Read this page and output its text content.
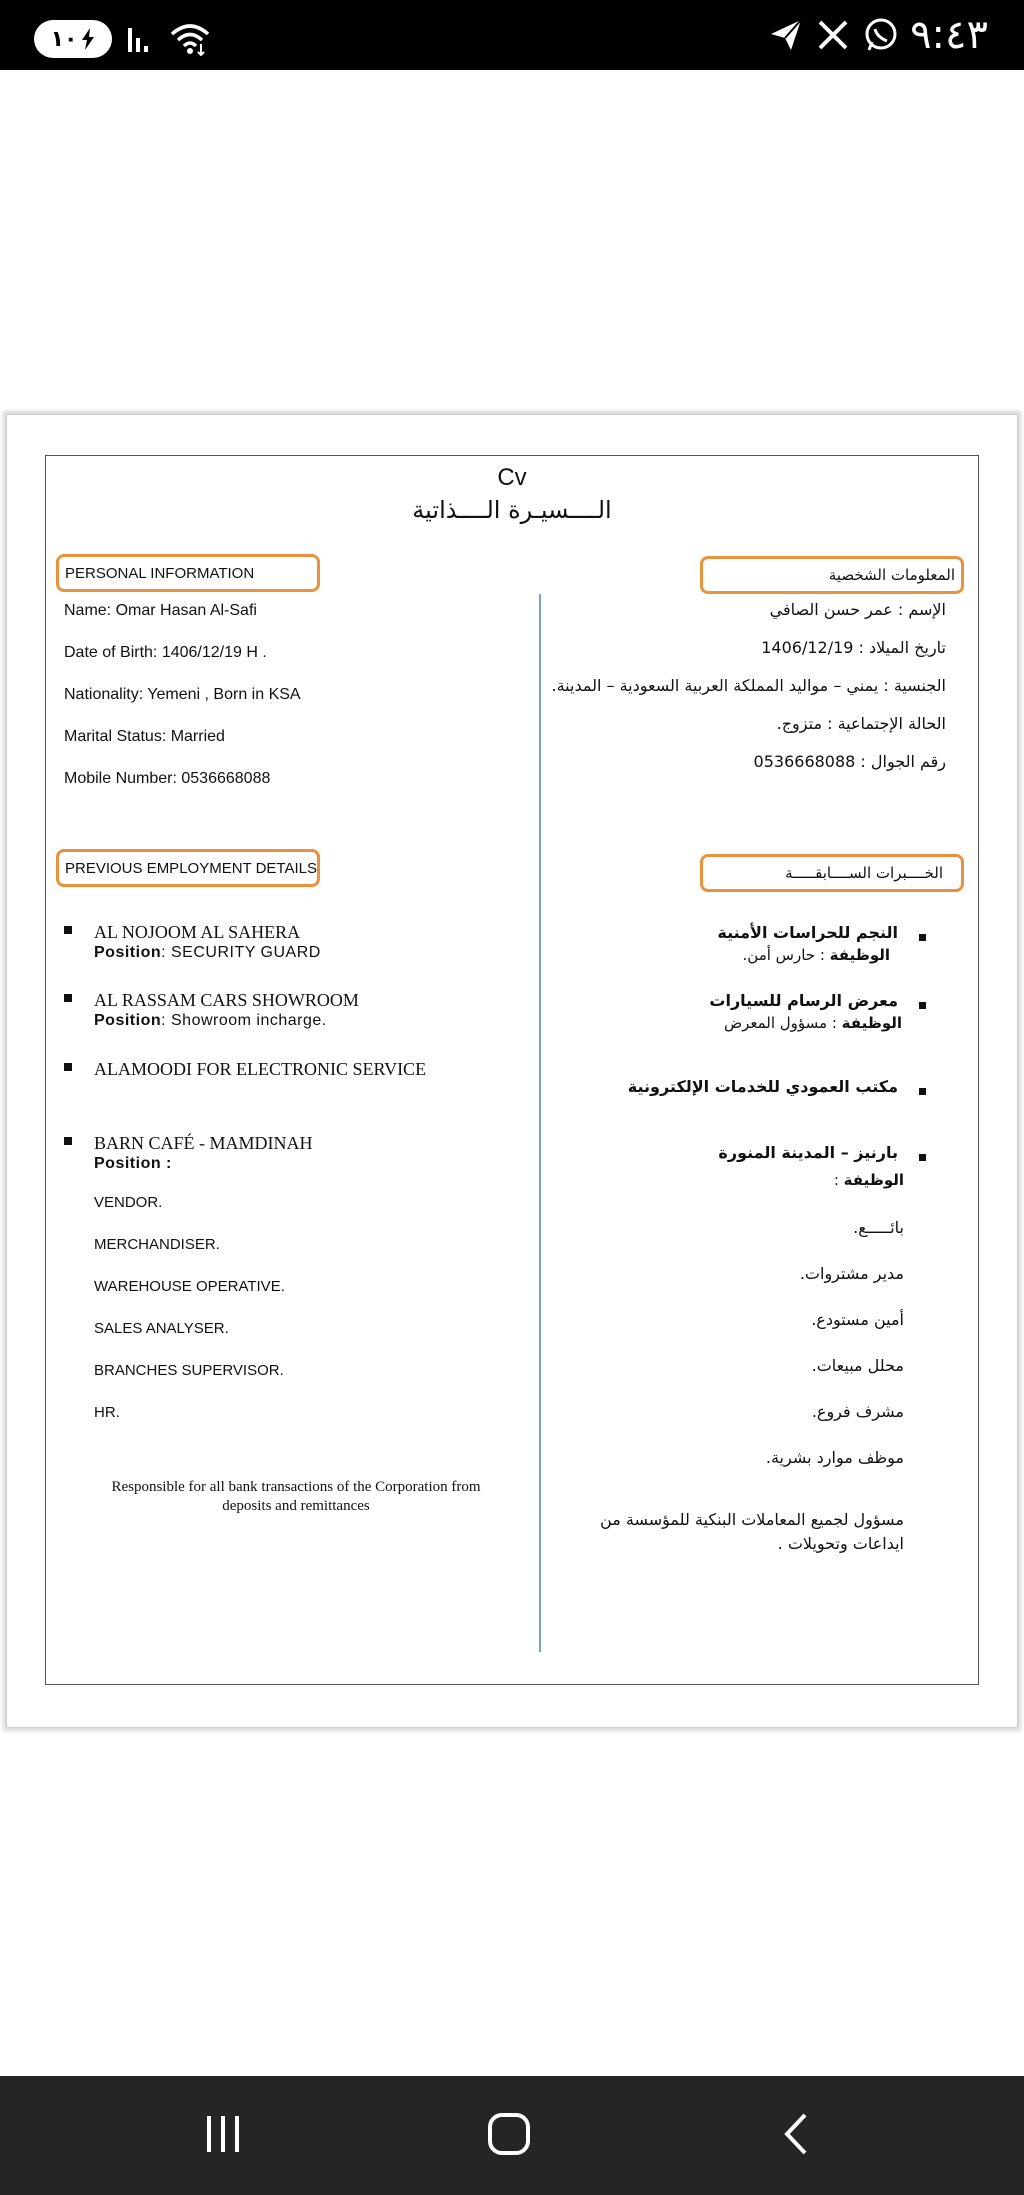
١٠	٩:٤٣
Cv
الــــسيـرة الــــذاتية
PERSONAL INFORMATION
Name: Omar Hasan Al-Safi
Date of Birth: 1406/12/19 H .
Nationality: Yemeni , Born in KSA
Marital Status: Married
Mobile Number: 0536668088
PREVIOUS EMPLOYMENT DETAILS
AL NOJOOM AL SAHERA
Position: SECURITY GUARD
AL RASSAM CARS SHOWROOM
Position: Showroom incharge.
ALAMOODI FOR ELECTRONIC SERVICE
BARN CAFÉ - MAMDINAH
Position :
VENDOR.
MERCHANDISER.
WAREHOUSE OPERATIVE.
SALES ANALYSER.
BRANCHES SUPERVISOR.
HR.
Responsible for all bank transactions of the Corporation from deposits and remittances
المعلومات الشخصية
الإسم : عمر حسن الصافي
تاريخ الميلاد : 1406/12/19
الجنسية : يمني – مواليد المملكة العربية السعودية – المدينة.
الحالة الإجتماعية : متزوج.
رقم الجوال : 0536668088
الخــــبرات الســــابقـــــة
النجم للحراسات الأمنية
الوظيفة : حارس أمن.
معرض الرسام للسيارات
الوظيفة : مسؤول المعرض
مكتب العمودي للخدمات الإلكترونية
بارنيز – المدينة المنورة
الوظيفة :
بائـــــع.
مدير مشتروات.
أمين مستودع.
محلل مبيعات.
مشرف فروع.
موظف موارد بشرية.
مسؤول لجميع المعاملات البنكية للمؤسسة من ايداعات وتحويلات .
